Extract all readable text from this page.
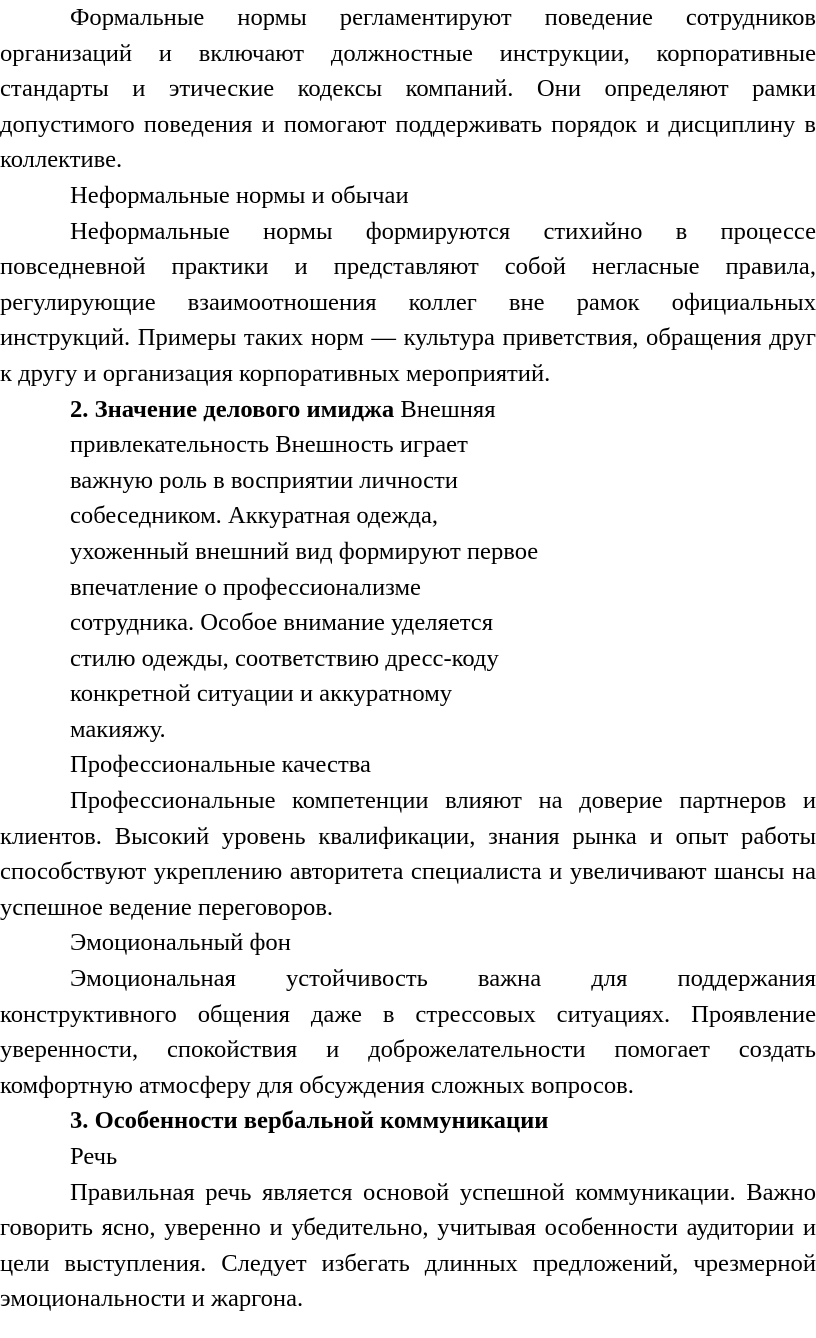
Формальные нормы регламентируют поведение сотрудников организаций и включают должностные инструкции, корпоративные стандарты и этические кодексы компаний. Они определяют рамки допустимого поведения и помогают поддерживать порядок и дисциплину в коллективе.

Неформальные нормы и обычаи

Неформальные нормы формируются стихийно в процессе повседневной практики и представляют собой негласные правила, регулирующие взаимоотношения коллег вне рамок официальных инструкций. Примеры таких норм — культура приветствия, обращения друг к другу и организация корпоративных мероприятий.

2. Значение делового имиджа Внешняя привлекательность Внешность играет важную роль в восприятии личности собеседником. Аккуратная одежда, ухоженный внешний вид формируют первое впечатление о профессионализме сотрудника. Особое внимание уделяется стилю одежды, соответствию дресс-коду конкретной ситуации и аккуратному макияжу.

Профессиональные качества

Профессиональные компетенции влияют на доверие партнеров и клиентов. Высокий уровень квалификации, знания рынка и опыт работы способствуют укреплению авторитета специалиста и увеличивают шансы на успешное ведение переговоров.

Эмоциональный фон

Эмоциональная устойчивость важна для поддержания конструктивного общения даже в стрессовых ситуациях. Проявление уверенности, спокойствия и доброжелательности помогает создать комфортную атмосферу для обсуждения сложных вопросов.

3. Особенности вербальной коммуникации

Речь

Правильная речь является основой успешной коммуникации. Важно говорить ясно, уверенно и убедительно, учитывая особенности аудитории и цели выступления. Следует избегать длинных предложений, чрезмерной эмоциональности и жаргона.
